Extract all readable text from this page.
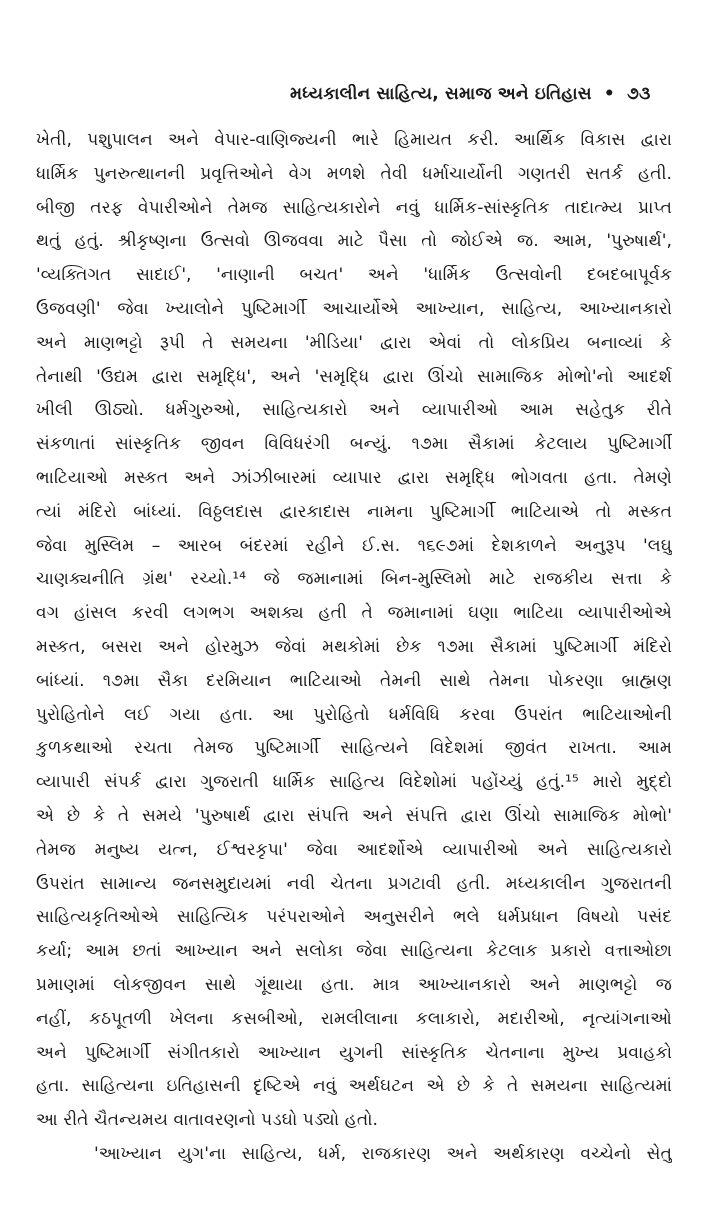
મધ્યકાલીન સાહિત્ય, સમાજ અને ઇતિહાસ • ૭૩
ખેતી, પશુપાલન અને વેપાર-વાણિજ્યની ભારે હિમાયત કરી. આર્થિક વિકાસ દ્વારા
ધાર્મિક પુનરુત્થાનની પ્રવૃત્તિઓને વેગ મળશે તેવી ધર્માચાર્યોની ગણતરી સતર્ક હતી.
બીજી તરફ વેપારીઓને તેમજ સાહિત્યકારોને નવું ધાર્મિક-સાંસ્કૃતિક તાદાત્મ્ય પ્રાપ્ત
થતું હતું. શ્રીકૃષ્ણના ઉત્સવો ઊજવવા માટે પૈસા તો જોઈએ જ. આમ, 'પુરુષાર્થ',
'વ્યક્તિગત સાદાઈ', 'નાણાની બચત' અને 'ધાર્મિક ઉત્સવોની દબદબાપૂર્વક
ઉજવણી' જેવા ખ્યાલોને પુષ્ટિમાર્ગી આચાર્યોએ આખ્યાન, સાહિત્ય, આખ્યાનકારો
અને માણભટ્ટો રૂપી તે સમયના 'મીડિયા' દ્વારા એવાં તો લોકપ્રિય બનાવ્યાં કે
તેનાથી 'ઉદ્યમ દ્વારા સમૃદ્ધિ', અને 'સમૃદ્ધિ દ્વારા ઊંચો સામાજિક મોભો'નો આદર્શ
ખીલી ઊઠ્યો. ધર્મગુરુઓ, સાહિત્યકારો અને વ્યાપારીઓ આમ સહેતુક રીતે
સંકળાતાં સાંસ્કૃતિક જીવન વિવિધરંગી બન્યું. ૧૭મા સૈકામાં કેટલાય પુષ્ટિમાર્ગી
ભાટિયાઓ મસ્કત અને ઝાંઝીબારમાં વ્યાપાર દ્વારા સમૃદ્ધિ ભોગવતા હતા. તેમણે
ત્યાં મંદિરો બાંધ્યાં. વિઠ્ઠલદાસ દ્વારકાદાસ નામના પુષ્ટિમાર્ગી ભાટિયાએ તો મસ્કત
જેવા મુસ્લિમ – આરબ બંદરમાં રહીને ઈ.સ. ૧૬૯૭માં દેશકાળને અનુરૂપ 'લઘુ
ચાણક્યનીતિ ગ્રંથ' રચ્યો.¹⁴ જે જમાનામાં બિન-મુસ્લિમો માટે રાજકીય સત્તા કે
વગ હાંસલ કરવી લગભગ અશક્ય હતી તે જમાનામાં ઘણા ભાટિયા વ્યાપારીઓએ
મસ્કત, બસરા અને હોરમુઝ જેવાં મથકોમાં છેક ૧૭મા સૈકામાં પુષ્ટિમાર્ગી મંદિરો
બાંધ્યાં. ૧૭મા સૈકા દરમિયાન ભાટિયાઓ તેમની સાથે તેમના પોકરણા બ્રાહ્મણ
પુરોહિતોને લઈ ગયા હતા. આ પુરોહિતો ધર્મવિધિ કરવા ઉપરાંત ભાટિયાઓની
કુળકથાઓ રચતા તેમજ પુષ્ટિમાર્ગી સાહિત્યને વિદેશમાં જીવંત રાખતા. આમ
વ્યાપારી સંપર્ક દ્વારા ગુજરાતી ધાર્મિક સાહિત્ય વિદેશોમાં પહોંચ્યું હતું.¹⁵ મારો મુદ્દો
એ છે કે તે સમયે 'પુરુષાર્થ દ્વારા સંપત્તિ અને સંપત્તિ દ્વારા ઊંચો સામાજિક મોભો'
તેમજ મનુષ્ય યત્ન, ઈશ્વરકૃપા' જેવા આદર્શોએ વ્યાપારીઓ અને સાહિત્યકારો
ઉપરાંત સામાન્ય જનસમુદાયમાં નવી ચેતના પ્રગટાવી હતી. મધ્યકાલીન ગુજરાતની
સાહિત્યકૃતિઓએ સાહિત્યિક પરંપરાઓને અનુસરીને ભલે ધર્મપ્રધાન વિષયો પસંદ
કર્યા; આમ છતાં આખ્યાન અને સલોકા જેવા સાહિત્યના કેટલાક પ્રકારો વત્તાઓછા
પ્રમાણમાં લોકજીવન સાથે ગૂંથાયા હતા. માત્ર આખ્યાનકારો અને માણભટ્ટો જ
નહીં, કઠપૂતળી ખેલના કસબીઓ, રામલીલાના કલાકારો, મદારીઓ, નૃત્યાંગનાઓ
અને પુષ્ટિમાર્ગી સંગીતકારો આખ્યાન યુગની સાંસ્કૃતિક ચેતનાના મુખ્ય પ્રવાહકો
હતા. સાહિત્યના ઇતિહાસની દૃષ્ટિએ નવું અર્થઘટન એ છે કે તે સમયના સાહિત્યમાં
આ રીતે ચૈતન્યમય વાતાવરણનો પડઘો પડ્યો હતો.
'આખ્યાન યુગ'ના સાહિત્ય, ધર્મ, રાજકારણ અને અર્થકારણ વચ્ચેનો સેતુ
